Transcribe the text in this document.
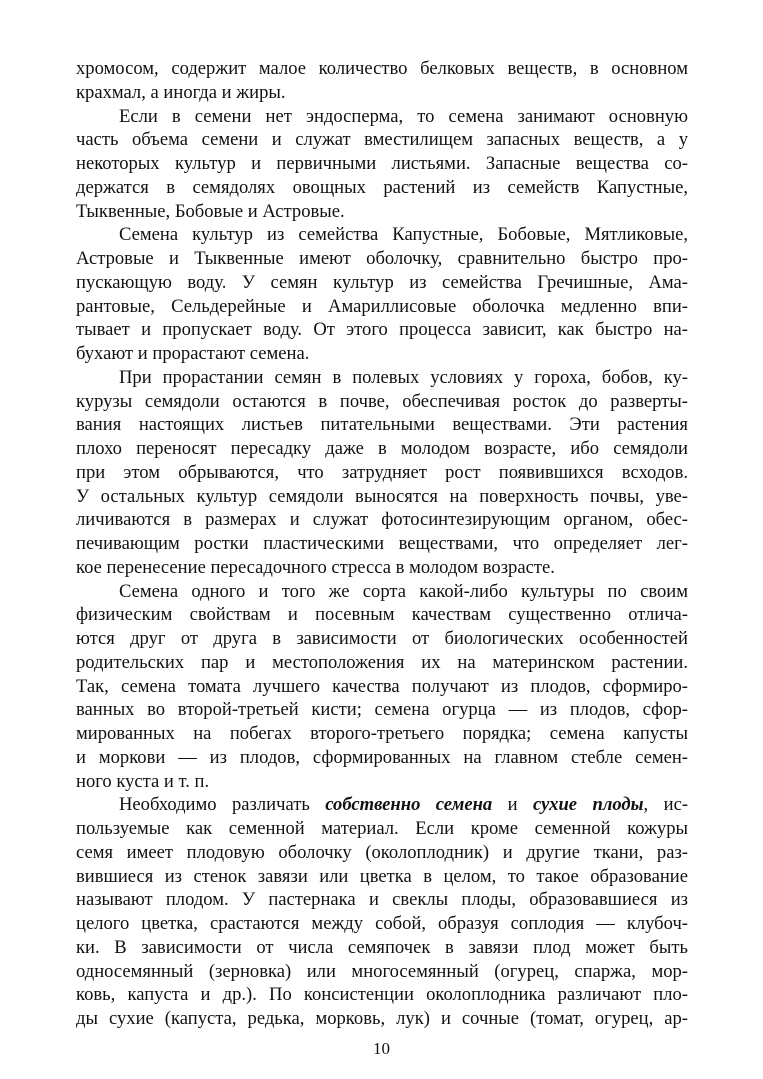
хромосом, содержит малое количество белковых веществ, в основном
крахмал, а иногда и жиры.

Если в семени нет эндосперма, то семена занимают основную
часть объема семени и служат вместилищем запасных веществ, а у
некоторых культур и первичными листьями. Запасные вещества со-
держатся в семядолях овощных растений из семейств Капустные,
Тыквенные, Бобовые и Астровые.

Семена культур из семейства Капустные, Бобовые, Мятликовые,
Астровые и Тыквенные имеют оболочку, сравнительно быстро про-
пускающую воду. У семян культур из семейства Гречишные, Ама-
рантовые, Сельдерейные и Амариллисовые оболочка медленно впи-
тывает и пропускает воду. От этого процесса зависит, как быстро на-
бухают и прорастают семена.

При прорастании семян в полевых условиях у гороха, бобов, ку-
курузы семядоли остаются в почве, обеспечивая росток до разверты-
вания настоящих листьев питательными веществами. Эти растения
плохо переносят пересадку даже в молодом возрасте, ибо семядоли
при этом обрываются, что затрудняет рост появившихся всходов.
У остальных культур семядоли выносятся на поверхность почвы, уве-
личиваются в размерах и служат фотосинтезирующим органом, обес-
печивающим ростки пластическими веществами, что определяет лег-
кое перенесение пересадочного стресса в молодом возрасте.

Семена одного и того же сорта какой-либо культуры по своим
физическим свойствам и посевным качествам существенно отлича-
ются друг от друга в зависимости от биологических особенностей
родительских пар и местоположения их на материнском растении.
Так, семена томата лучшего качества получают из плодов, сформиро-
ванных во второй-третьей кисти; семена огурца — из плодов, сфор-
мированных на побегах второго-третьего порядка; семена капусты
и моркови — из плодов, сформированных на главном стебле семен-
ного куста и т. п.

Необходимо различать собственно семена и сухие плоды, ис-
пользуемые как семенной материал. Если кроме семенной кожуры
семя имеет плодовую оболочку (околоплодник) и другие ткани, раз-
вившиеся из стенок завязи или цветка в целом, то такое образование
называют плодом. У пастернака и свеклы плоды, образовавшиеся из
целого цветка, срастаются между собой, образуя соплодия — клубоч-
ки. В зависимости от числа семяпочек в завязи плод может быть
односемянный (зерновка) или многосемянный (огурец, спаржа, мор-
ковь, капуста и др.). По консистенции околоплодника различают пло-
ды сухие (капуста, редька, морковь, лук) и сочные (томат, огурец, ар-

10
